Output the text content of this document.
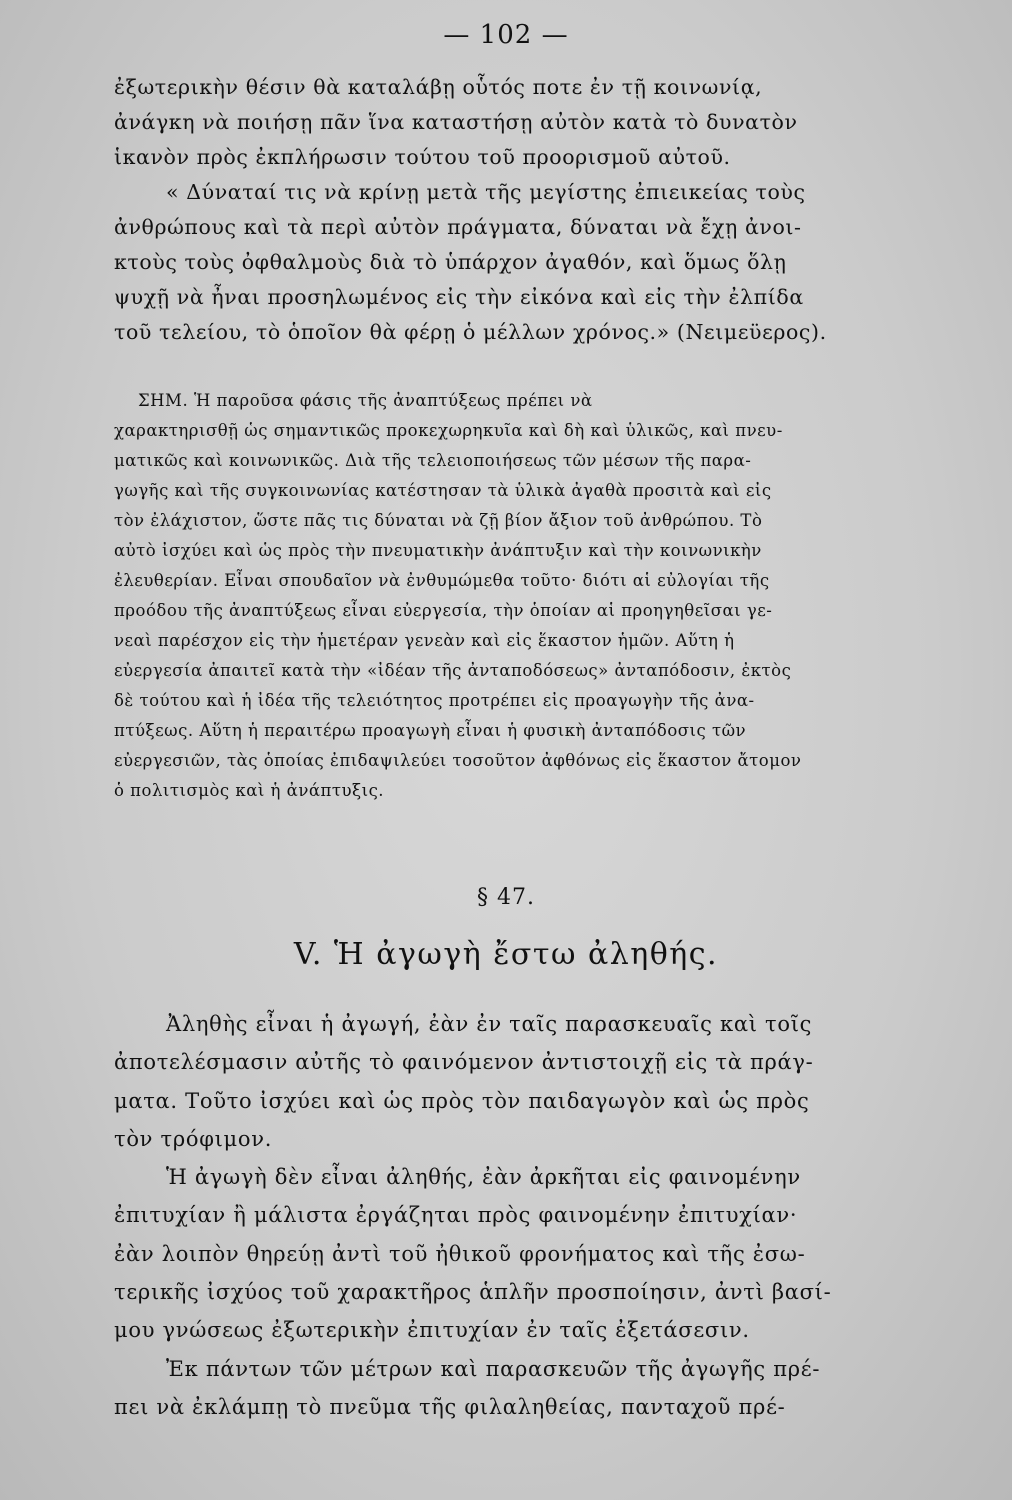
— 102 —
ἐξωτερικὴν θέσιν θὰ καταλάβῃ οὗτός ποτε ἐν τῇ κοινωνίᾳ,
ἀνάγκη νὰ ποιήσῃ πᾶν ἵνα καταστήσῃ αὐτὸν κατὰ τὸ δυνατὸν
ἱκανὸν πρὸς ἐκπλήρωσιν τούτου τοῦ προορισμοῦ αὐτοῦ.
« Δύναταί τις νὰ κρίνῃ μετὰ τῆς μεγίστης ἐπιεικείας τοὺς
ἀνθρώπους καὶ τὰ περὶ αὐτὸν πράγματα, δύναται νὰ ἔχῃ ἀνοι-
κτοὺς τοὺς ὀφθαλμοὺς διὰ τὸ ὑπάρχον ἀγαθόν, καὶ ὅμως ὅλῃ
ψυχῇ νὰ ἦναι προσηλωμένος εἰς τὴν εἰκόνα καὶ εἰς τὴν ἐλπίδα
τοῦ τελείου, τὸ ὁποῖον θὰ φέρῃ ὁ μέλλων χρόνος.» (Νειμεϋερος).
ΣΗΜ. Ἡ παροῦσα φάσις τῆς ἀναπτύξεως πρέπει νὰ
χαρακτηρισθῇ ὡς σημαντικῶς προκεχωρηκυῖα καὶ δὴ καὶ ὑλικῶς, καὶ πνευ-
ματικῶς καὶ κοινωνικῶς. Διὰ τῆς τελειοποιήσεως τῶν μέσων τῆς παρα-
γωγῆς καὶ τῆς συγκοινωνίας κατέστησαν τὰ ὑλικὰ ἀγαθὰ προσιτὰ καὶ εἰς
τὸν ἐλάχιστον, ὥστε πᾶς τις δύναται νὰ ζῇ βίον ἄξιον τοῦ ἀνθρώπου. Τὸ
αὐτὸ ἰσχύει καὶ ὡς πρὸς τὴν πνευματικὴν ἀνάπτυξιν καὶ τὴν κοινωνικὴν
ἐλευθερίαν. Εἶναι σπουδαῖον νὰ ἐνθυμώμεθα τοῦτο· διότι αἱ εὐλογίαι τῆς
προόδου τῆς ἀναπτύξεως εἶναι εὐεργεσία, τὴν ὁποίαν αἱ προηγηθεῖσαι γε-
νεαὶ παρέσχον εἰς τὴν ἡμετέραν γενεὰν καὶ εἰς ἕκαστον ἡμῶν. Αὕτη ἡ
εὐεργεσία ἀπαιτεῖ κατὰ τὴν «ἰδέαν τῆς ἀνταποδόσεως» ἀνταπόδοσιν, ἐκτὸς
δὲ τούτου καὶ ἡ ἰδέα τῆς τελειότητος προτρέπει εἰς προαγωγὴν τῆς ἀνα-
πτύξεως. Αὕτη ἡ περαιτέρω προαγωγὴ εἶναι ἡ φυσικὴ ἀνταπόδοσις τῶν
εὐεργεσιῶν, τὰς ὁποίας ἐπιδαψιλεύει τοσοῦτον ἀφθόνως εἰς ἕκαστον ἄτομον
ὁ πολιτισμὸς καὶ ἡ ἀνάπτυξις.
§ 47.
V. Ἡ ἀγωγὴ ἔστω ἀληθής.
Ἀληθὴς εἶναι ἡ ἀγωγή, ἐὰν ἐν ταῖς παρασκευαῖς καὶ τοῖς
ἀποτελέσμασιν αὐτῆς τὸ φαινόμενον ἀντιστοιχῇ εἰς τὰ πράγ-
ματα. Τοῦτο ἰσχύει καὶ ὡς πρὸς τὸν παιδαγωγὸν καὶ ὡς πρὸς
τὸν τρόφιμον.
Ἡ ἀγωγὴ δὲν εἶναι ἀληθής, ἐὰν ἀρκῆται εἰς φαινομένην
ἐπιτυχίαν ἢ μάλιστα ἐργάζηται πρὸς φαινομένην ἐπιτυχίαν·
ἐὰν λοιπὸν θηρεύῃ ἀντὶ τοῦ ἠθικοῦ φρονήματος καὶ τῆς ἐσω-
τερικῆς ἰσχύος τοῦ χαρακτῆρος ἁπλῆν προσποίησιν, ἀντὶ βασί-
μου γνώσεως ἐξωτερικὴν ἐπιτυχίαν ἐν ταῖς ἐξετάσεσιν.
Ἐκ πάντων τῶν μέτρων καὶ παρασκευῶν τῆς ἀγωγῆς πρέ-
πει νὰ ἐκλάμπῃ τὸ πνεῦμα τῆς φιλαληθείας, πανταχοῦ πρέ-
